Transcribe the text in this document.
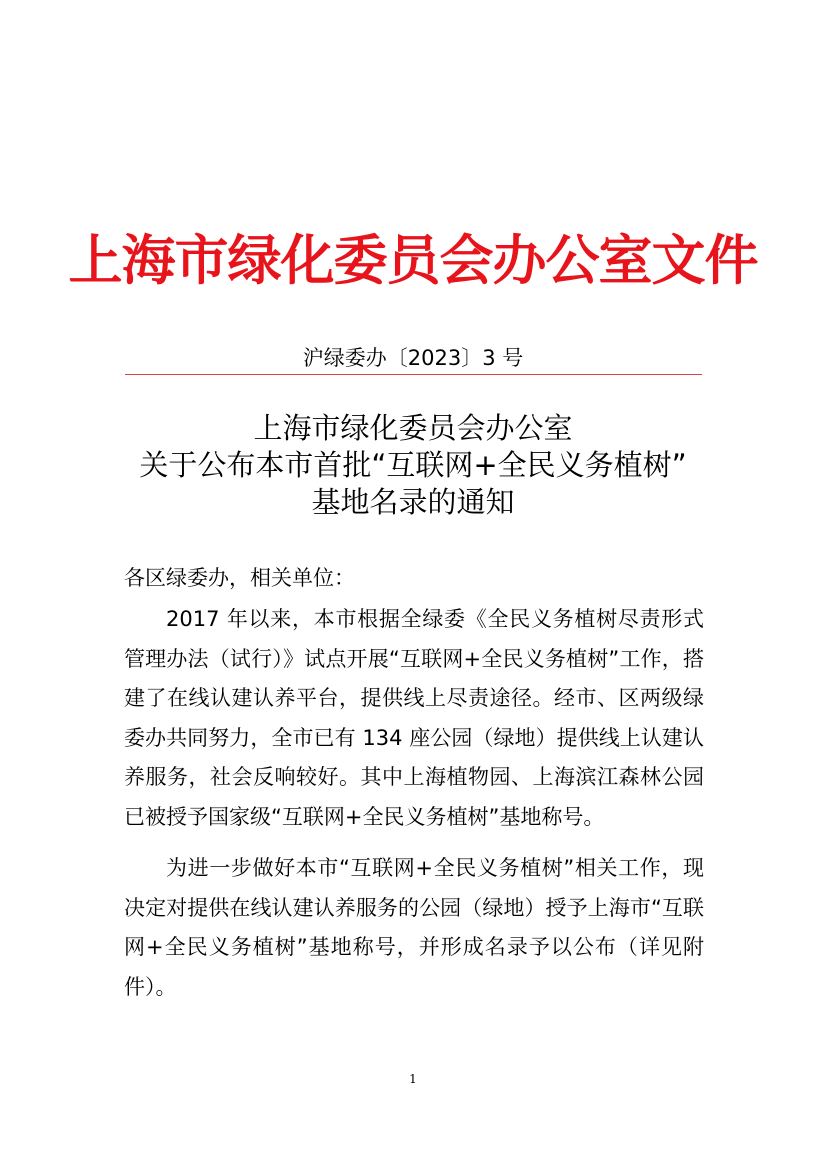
上海市绿化委员会办公室文件
沪绿委办〔2023〕3 号
上海市绿化委员会办公室
关于公布本市首批“互联网+全民义务植树”
基地名录的通知

各区绿委办，相关单位：

2017 年以来，本市根据全绿委《全民义务植树尽责形式管理办法（试行）》试点开展“互联网+全民义务植树”工作，搭建了在线认建认养平台，提供线上尽责途径。经市、区两级绿委办共同努力，全市已有 134 座公园（绿地）提供线上认建认养服务，社会反响较好。其中上海植物园、上海滨江森林公园已被授予国家级“互联网+全民义务植树”基地称号。

为进一步做好本市“互联网+全民义务植树”相关工作，现决定对提供在线认建认养服务的公园（绿地）授予上海市“互联网+全民义务植树”基地称号，并形成名录予以公布（详见附件）。

1
